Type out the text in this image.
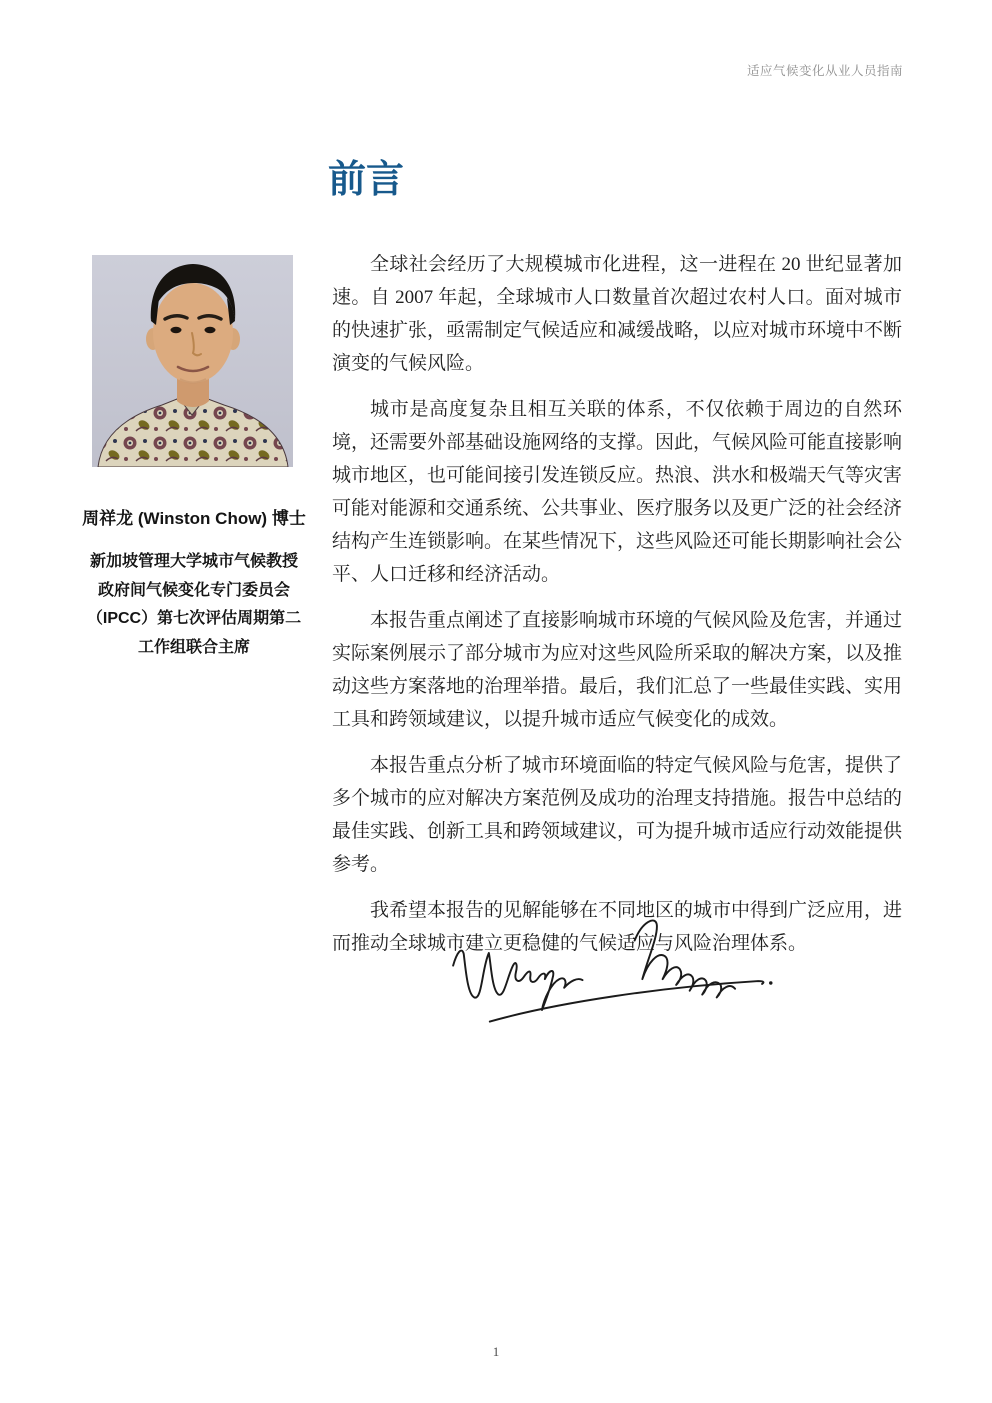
适应气候变化从业人员指南
前言
周祥龙 (Winston Chow) 博士
新加坡管理大学城市气候教授
政府间气候变化专门委员会
（IPCC）第七次评估周期第二
工作组联合主席

全球社会经历了大规模城市化进程，这一进程在 20 世纪显著加速。自 2007 年起，全球城市人口数量首次超过农村人口。面对城市的快速扩张，亟需制定气候适应和减缓战略，以应对城市环境中不断演变的气候风险。

城市是高度复杂且相互关联的体系，不仅依赖于周边的自然环境，还需要外部基础设施网络的支撑。因此，气候风险可能直接影响城市地区，也可能间接引发连锁反应。热浪、洪水和极端天气等灾害可能对能源和交通系统、公共事业、医疗服务以及更广泛的社会经济结构产生连锁影响。在某些情况下，这些风险还可能长期影响社会公平、人口迁移和经济活动。

本报告重点阐述了直接影响城市环境的气候风险及危害，并通过实际案例展示了部分城市为应对这些风险所采取的解决方案，以及推动这些方案落地的治理举措。最后，我们汇总了一些最佳实践、实用工具和跨领域建议，以提升城市适应气候变化的成效。

本报告重点分析了城市环境面临的特定气候风险与危害，提供了多个城市的应对解决方案范例及成功的治理支持措施。报告中总结的最佳实践、创新工具和跨领域建议，可为提升城市适应行动效能提供参考。

我希望本报告的见解能够在不同地区的城市中得到广泛应用，进而推动全球城市建立更稳健的气候适应与风险治理体系。

1
